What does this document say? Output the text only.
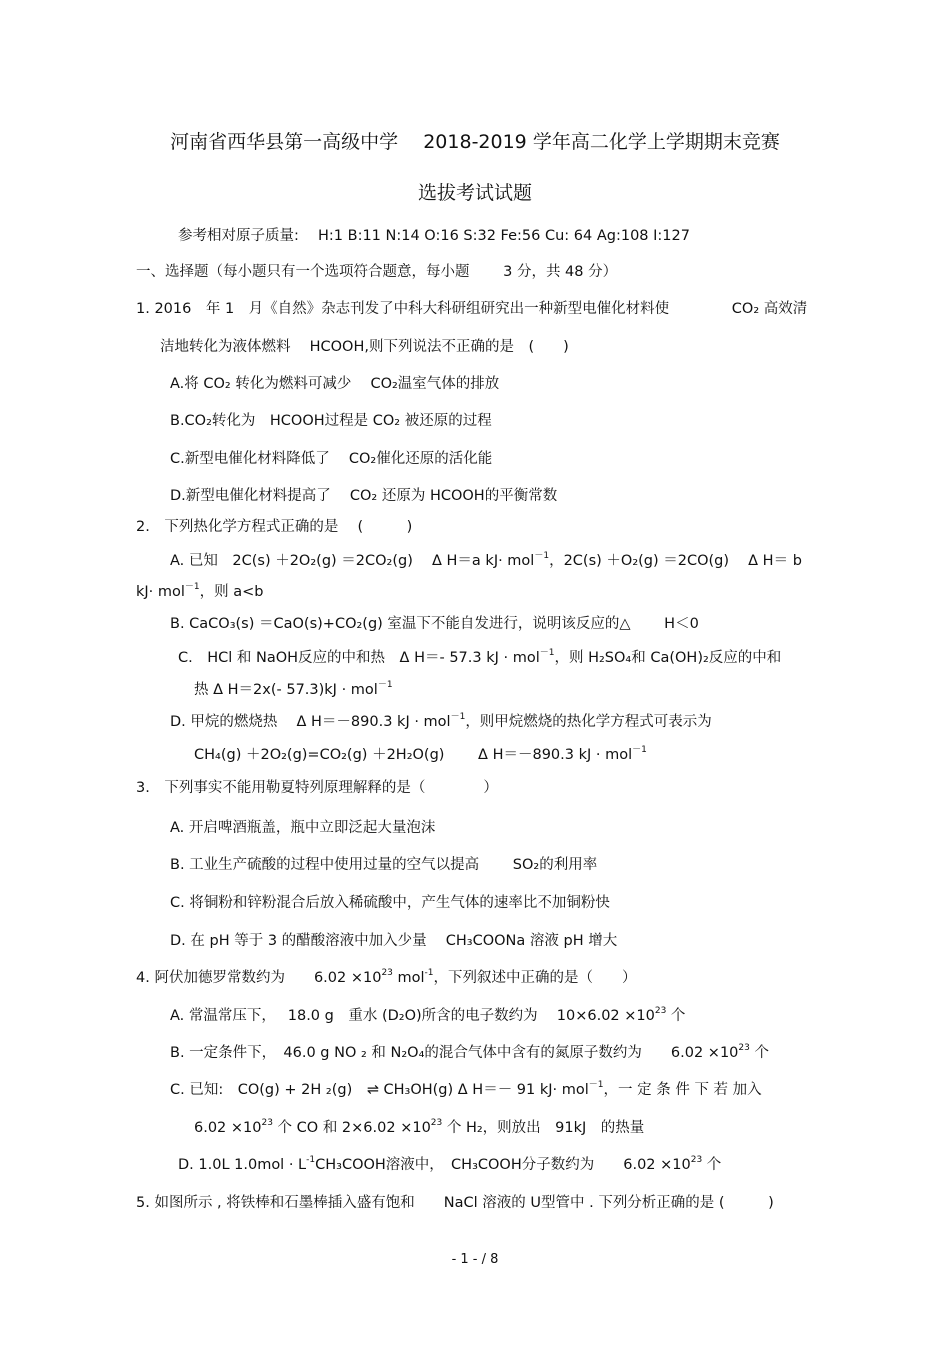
河南省西华县第一高级中学　 2018-2019 学年高二化学上学期期末竞赛
选拔考试试题
参考相对原子质量:　 H:1 B:11 N:14 O:16 S:32 Fe:56 Cu: 64 Ag:108 I:127
一、选择题（每小题只有一个选项符合题意，每小题　　 3 分，共 48 分）
1. 2016　年 1　月《自然》杂志刊发了中科大科研组研究出一种新型电催化材料使　　　　 CO₂ 高效清
洁地转化为液体燃料　 HCOOH,则下列说法不正确的是　(　　)
A.将 CO₂ 转化为燃料可减少　 CO₂温室气体的排放
B.CO₂转化为　HCOOH过程是 CO₂ 被还原的过程
C.新型电催化材料降低了　 CO₂催化还原的活化能
D.新型电催化材料提高了　 CO₂ 还原为 HCOOH的平衡常数
2.　下列热化学方程式正确的是　 (　　　)
A. 已知　2C(s) ＋2O₂(g) ＝2CO₂(g)　 Δ H＝a kJ· mol$^{-1}$，2C(s) ＋O₂(g) ＝2CO(g)　 Δ H＝ b
kJ· mol$^{-1}$，则 a<b
B. CaCO₃(s) ＝CaO(s)+CO₂(g) 室温下不能自发进行，说明该反应的△　　 H＜0
C.　HCl 和 NaOH反应的中和热　Δ H＝- 57.3 kJ · mol$^{-1}$，则 H₂SO₄和 Ca(OH)₂反应的中和
热 Δ H＝2x(- 57.3)kJ · mol$^{-1}$
D. 甲烷的燃烧热　 Δ H＝－890.3 kJ · mol$^{-1}$，则甲烷燃烧的热化学方程式可表示为
CH₄(g) ＋2O₂(g)=CO₂(g) ＋2H₂O(g)　　 Δ H＝－890.3 kJ · mol$^{-1}$
3.　下列事实不能用勒夏特列原理解释的是（　　　　）
A. 开启啤酒瓶盖，瓶中立即泛起大量泡沫
B. 工业生产硫酸的过程中使用过量的空气以提高　　 SO₂的利用率
C. 将铜粉和锌粉混合后放入稀硫酸中，产生气体的速率比不加铜粉快
D. 在 pH 等于 3 的醋酸溶液中加入少量　 CH₃COONa 溶液 pH 增大
4. 阿伏加德罗常数约为　　$6.02 \times 10^{23}$ mol$^{-1}$，下列叙述中正确的是（　　）
A. 常温常压下，　 18.0 g　重水 (D₂O)所含的电子数约为　 $10\times 6.02 \times 10^{23}$ 个
B. 一定条件下，　46.0 g NO ₂ 和 N₂O₄的混合气体中含有的氮原子数约为　　$6.02 \times 10^{23}$ 个
C. 已知:　CO(g) + 2H ₂(g)　⇌ CH₃OH(g) Δ H＝－ 91 kJ· mol$^{-1}$，一 定 条 件 下 若 加入
$6.02 \times 10^{23}$ 个 CO 和 $2\times 6.02 \times 10^{23}$ 个 H₂，则放出　91kJ　的热量
D. 1.0L $1.0mol \cdot L^{-1}CH_3COOH$溶液中，　CH₃COOH分子数约为　　$6.02 \times 10^{23}$ 个
5. 如图所示 , 将铁棒和石墨棒插入盛有饱和　　NaCl 溶液的 U型管中 . 下列分析正确的是 (　　　)
- 1 - / 8
